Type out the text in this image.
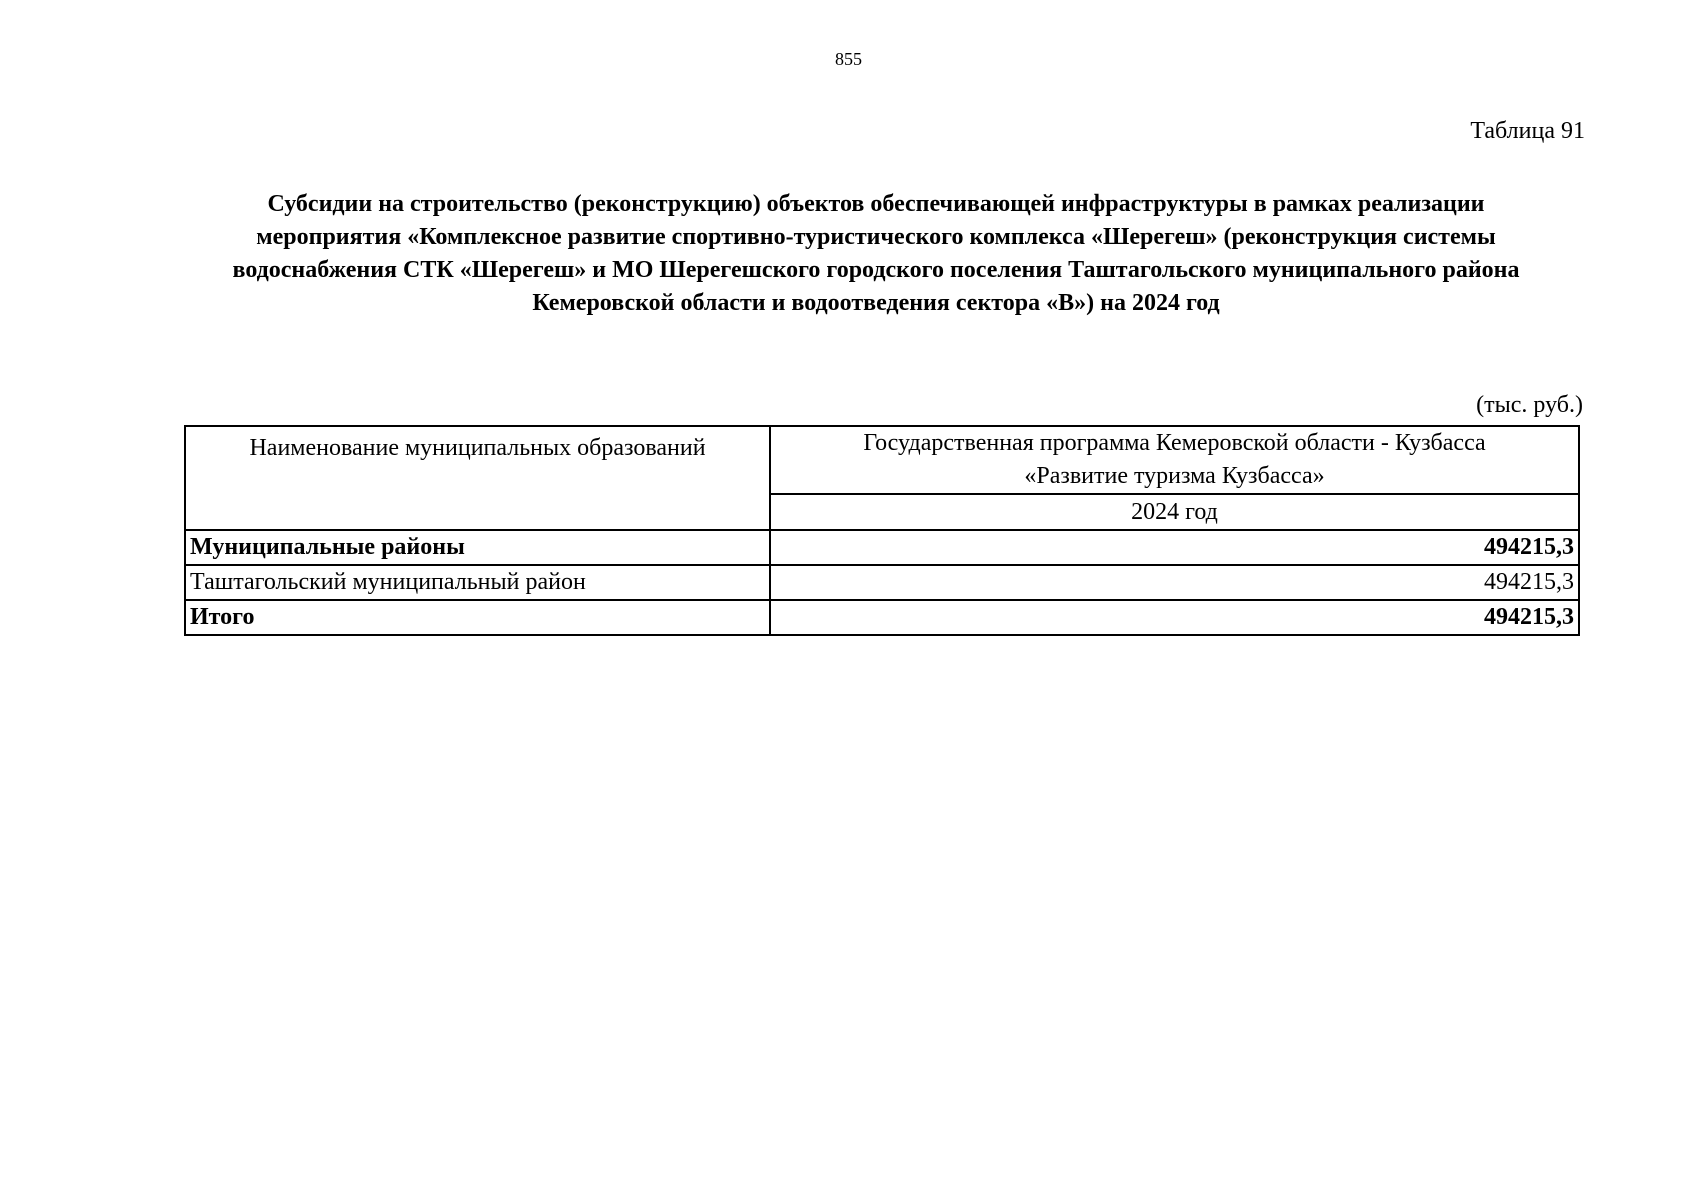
855
Таблица 91
Субсидии на строительство (реконструкцию) объектов обеспечивающей инфраструктуры в рамках реализации мероприятия «Комплексное развитие спортивно-туристического комплекса «Шерегеш» (реконструкция системы водоснабжения СТК «Шерегеш» и МО Шерегешского городского поселения Таштагольского муниципального района Кемеровской области и водоотведения сектора «В») на 2024 год
(тыс. руб.)
Наименование муниципальных образований	Государственная программа Кемеровской области - Кузбасса
«Развитие туризма Кузбасса»

	2024 год
Муниципальные районы	494215,3
Таштагольский муниципальный район	494215,3
Итого	494215,3
